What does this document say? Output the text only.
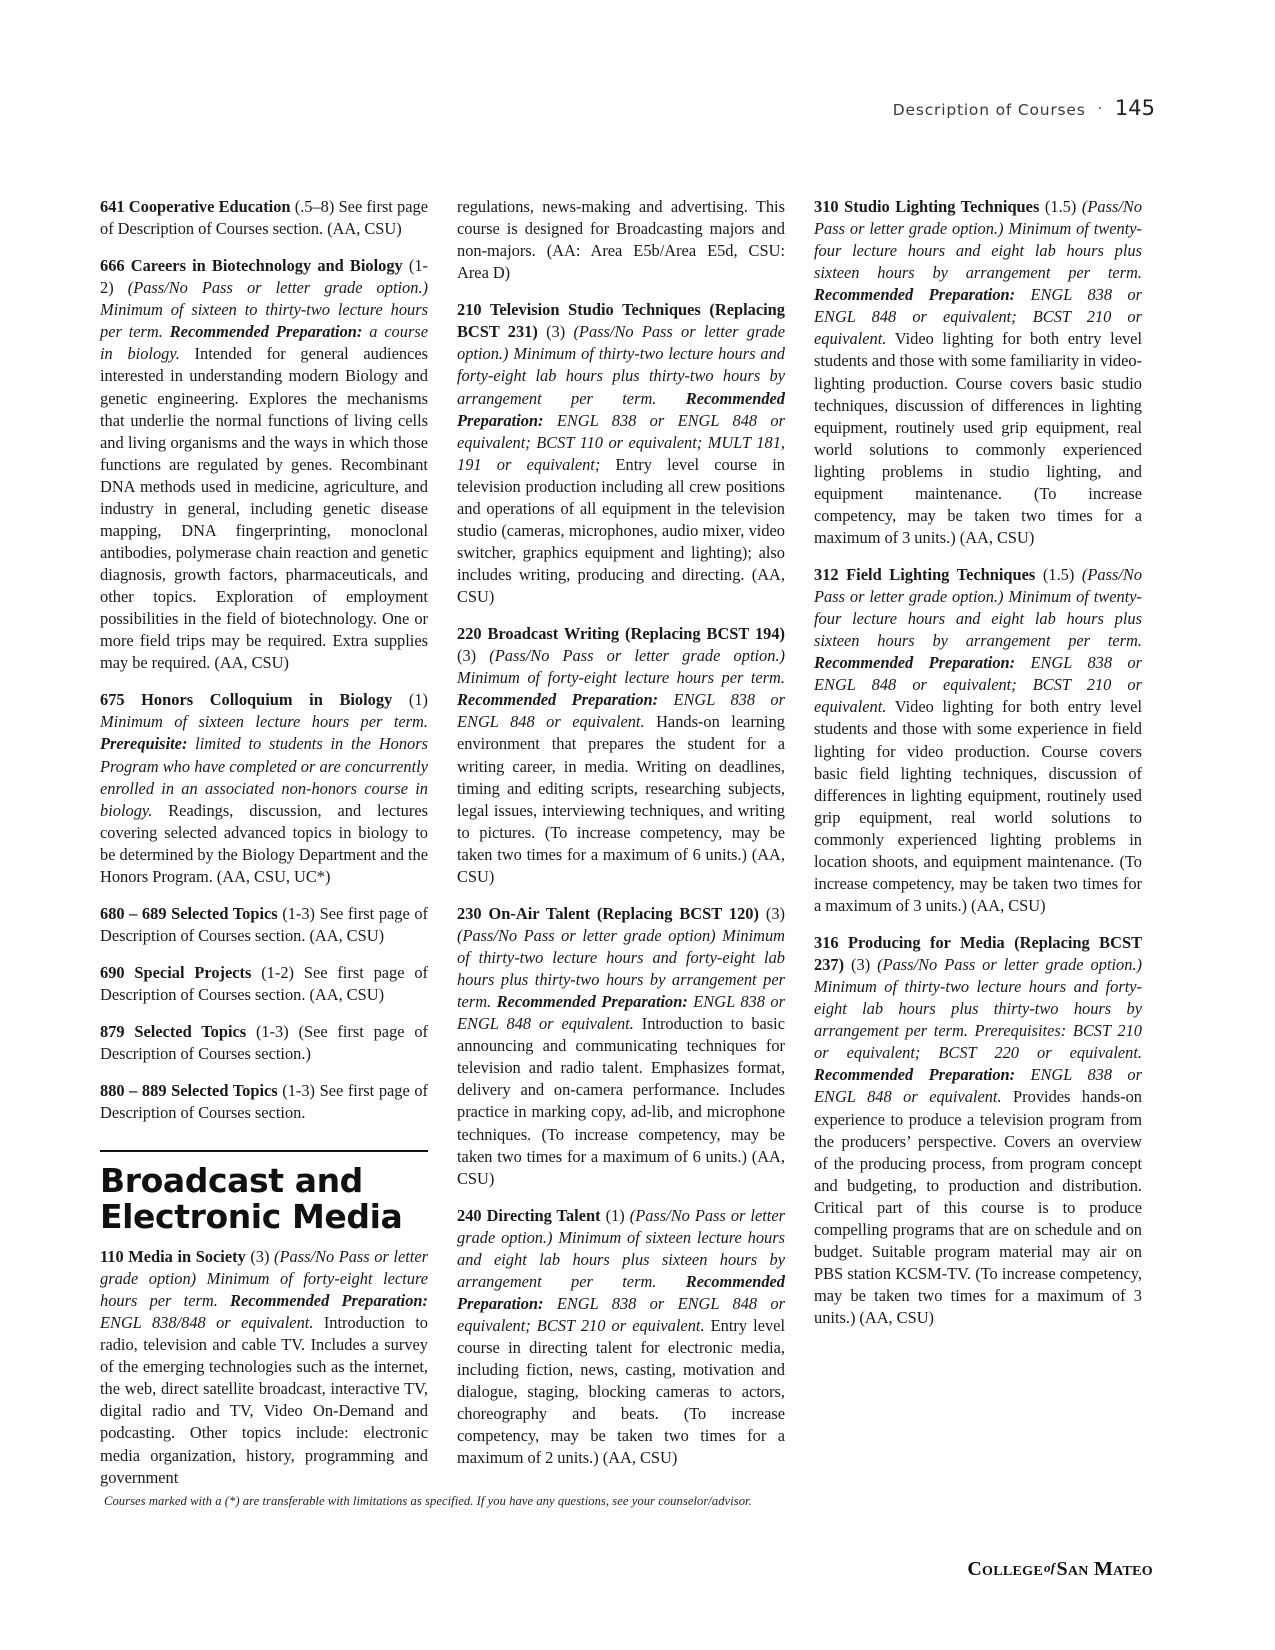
Description of Courses · 145

641 Cooperative Education (.5–8) See first page of Description of Courses section. (AA, CSU)

666 Careers in Biotechnology and Biology (1-2) (Pass/No Pass or letter grade option.) Minimum of sixteen to thirty-two lecture hours per term. Recommended Preparation: a course in biology. Intended for general audiences interested in understanding modern Biology and genetic engineering. Explores the mechanisms that underlie the normal functions of living cells and living organisms and the ways in which those functions are regulated by genes. Recombinant DNA methods used in medicine, agriculture, and industry in general, including genetic disease mapping, DNA fingerprinting, monoclonal antibodies, polymerase chain reaction and genetic diagnosis, growth factors, pharmaceuticals, and other topics. Exploration of employment possibilities in the field of biotechnology. One or more field trips may be required. Extra supplies may be required. (AA, CSU)

675 Honors Colloquium in Biology (1) Minimum of sixteen lecture hours per term. Prerequisite: limited to students in the Honors Program who have completed or are concurrently enrolled in an associated non-honors course in biology. Readings, discussion, and lectures covering selected advanced topics in biology to be determined by the Biology Department and the Honors Program. (AA, CSU, UC*)

680 – 689 Selected Topics (1-3) See first page of Description of Courses section. (AA, CSU)

690 Special Projects (1-2) See first page of Description of Courses section. (AA, CSU)

879 Selected Topics (1-3) (See first page of Description of Courses section.)

880 – 889 Selected Topics (1-3) See first page of Description of Courses section.

Broadcast and
Electronic Media

110 Media in Society (3) (Pass/No Pass or letter grade option) Minimum of forty-eight lecture hours per term. Recommended Preparation: ENGL 838/848 or equivalent. Introduction to radio, television and cable TV. Includes a survey of the emerging technologies such as the internet, the web, direct satellite broadcast, interactive TV, digital radio and TV, Video On-Demand and podcasting. Other topics include: electronic media organization, history, programming and government

regulations, news-making and advertising. This course is designed for Broadcasting majors and non-majors. (AA: Area E5b/Area E5d, CSU: Area D)

210 Television Studio Techniques (Replacing BCST 231) (3) (Pass/No Pass or letter grade option.) Minimum of thirty-two lecture hours and forty-eight lab hours plus thirty-two hours by arrangement per term. Recommended Preparation: ENGL 838 or ENGL 848 or equivalent; BCST 110 or equivalent; MULT 181, 191 or equivalent; Entry level course in television production including all crew positions and operations of all equipment in the television studio (cameras, microphones, audio mixer, video switcher, graphics equipment and lighting); also includes writing, producing and directing. (AA, CSU)

220 Broadcast Writing (Replacing BCST 194) (3) (Pass/No Pass or letter grade option.) Minimum of forty-eight lecture hours per term. Recommended Preparation: ENGL 838 or ENGL 848 or equivalent. Hands-on learning environment that prepares the student for a writing career, in media. Writing on deadlines, timing and editing scripts, researching subjects, legal issues, interviewing techniques, and writing to pictures. (To increase competency, may be taken two times for a maximum of 6 units.) (AA, CSU)

230 On-Air Talent (Replacing BCST 120) (3) (Pass/No Pass or letter grade option) Minimum of thirty-two lecture hours and forty-eight lab hours plus thirty-two hours by arrangement per term. Recommended Preparation: ENGL 838 or ENGL 848 or equivalent. Introduction to basic announcing and communicating techniques for television and radio talent. Emphasizes format, delivery and on-camera performance. Includes practice in marking copy, ad-lib, and microphone techniques. (To increase competency, may be taken two times for a maximum of 6 units.) (AA, CSU)

240 Directing Talent (1) (Pass/No Pass or letter grade option.) Minimum of sixteen lecture hours and eight lab hours plus sixteen hours by arrangement per term. Recommended Preparation: ENGL 838 or ENGL 848 or equivalent; BCST 210 or equivalent. Entry level course in directing talent for electronic media, including fiction, news, casting, motivation and dialogue, staging, blocking cameras to actors, choreography and beats. (To increase competency, may be taken two times for a maximum of 2 units.) (AA, CSU)

310 Studio Lighting Techniques (1.5) (Pass/No Pass or letter grade option.) Minimum of twenty-four lecture hours and eight lab hours plus sixteen hours by arrangement per term. Recommended Preparation: ENGL 838 or ENGL 848 or equivalent; BCST 210 or equivalent. Video lighting for both entry level students and those with some familiarity in video-lighting production. Course covers basic studio techniques, discussion of differences in lighting equipment, routinely used grip equipment, real world solutions to commonly experienced lighting problems in studio lighting, and equipment maintenance. (To increase competency, may be taken two times for a maximum of 3 units.) (AA, CSU)

312 Field Lighting Techniques (1.5) (Pass/No Pass or letter grade option.) Minimum of twenty-four lecture hours and eight lab hours plus sixteen hours by arrangement per term. Recommended Preparation: ENGL 838 or ENGL 848 or equivalent; BCST 210 or equivalent. Video lighting for both entry level students and those with some experience in field lighting for video production. Course covers basic field lighting techniques, discussion of differences in lighting equipment, routinely used grip equipment, real world solutions to commonly experienced lighting problems in location shoots, and equipment maintenance. (To increase competency, may be taken two times for a maximum of 3 units.) (AA, CSU)

316 Producing for Media (Replacing BCST 237) (3) (Pass/No Pass or letter grade option.) Minimum of thirty-two lecture hours and forty-eight lab hours plus thirty-two hours by arrangement per term. Prerequisites: BCST 210 or equivalent; BCST 220 or equivalent. Recommended Preparation: ENGL 838 or ENGL 848 or equivalent. Provides hands-on experience to produce a television program from the producers’ perspective. Covers an overview of the producing process, from program concept and budgeting, to production and distribution. Critical part of this course is to produce compelling programs that are on schedule and on budget. Suitable program material may air on PBS station KCSM-TV. (To increase competency, may be taken two times for a maximum of 3 units.) (AA, CSU)

Courses marked with a (*) are transferable with limitations as specified. If you have any questions, see your counselor/advisor.
CollegeofSan Mateo
